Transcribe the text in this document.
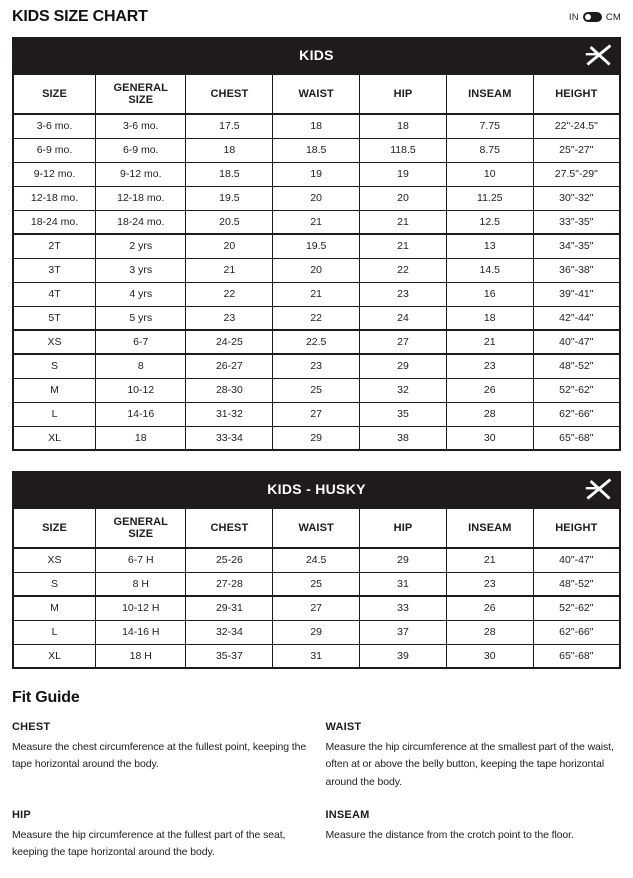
KIDS SIZE CHART	IN	CM
KIDS
SIZE	GENERAL SIZE	CHEST	WAIST	HIP	INSEAM	HEIGHT
3-6 mo.	3-6 mo.	17.5	18	18	7.75	22"-24.5"
6-9 mo.	6-9 mo.	18	18.5	118.5	8.75	25"-27"
9-12 mo.	9-12 mo.	18.5	19	19	10	27.5"-29"
12-18 mo.	12-18 mo.	19.5	20	20	11.25	30"-32"
18-24 mo.	18-24 mo.	20.5	21	21	12.5	33"-35"
2T	2 yrs	20	19.5	21	13	34"-35"
3T	3 yrs	21	20	22	14.5	36"-38"
4T	4 yrs	22	21	23	16	39"-41"
5T	5 yrs	23	22	24	18	42"-44"
XS	6-7	24-25	22.5	27	21	40"-47"
S	8	26-27	23	29	23	48"-52"
M	10-12	28-30	25	32	26	52"-62"
L	14-16	31-32	27	35	28	62"-66"
XL	18	33-34	29	38	30	65"-68"
KIDS - HUSKY
SIZE	GENERAL SIZE	CHEST	WAIST	HIP	INSEAM	HEIGHT
XS	6-7 H	25-26	24.5	29	21	40"-47"
S	8 H	27-28	25	31	23	48"-52"
M	10-12 H	29-31	27	33	26	52"-62"
L	14-16 H	32-34	29	37	28	62"-66"
XL	18 H	35-37	31	39	30	65"-68"
Fit Guide
CHEST

Measure the chest circumference at the fullest point, keeping the tape horizontal around the body.

WAIST

Measure the hip circumference at the smallest part of the waist, often at or above the belly button, keeping the tape horizontal around the body.

HIP

Measure the hip circumference at the fullest part of the seat, keeping the tape horizontal around the body.

INSEAM

Measure the distance from the crotch point to the floor.
